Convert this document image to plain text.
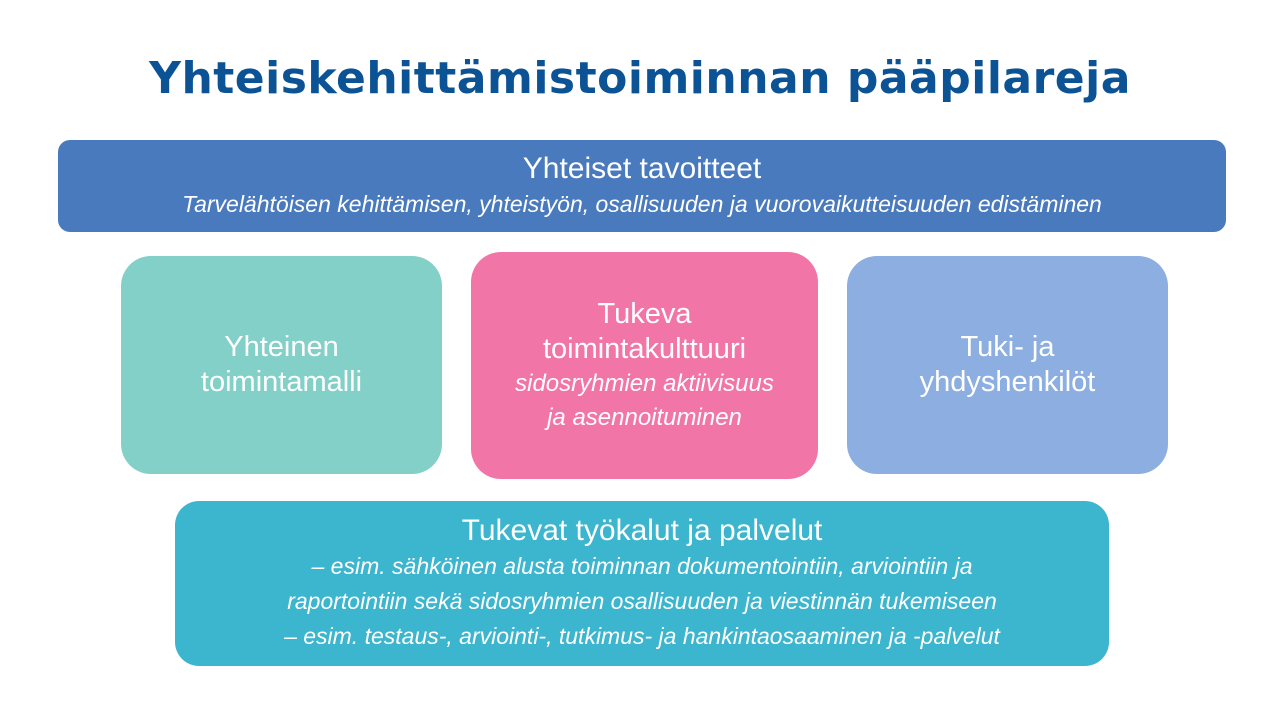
Yhteiskehittämistoiminnan pääpilareja
Yhteiset tavoitteet
Tarvelähtöisen kehittämisen, yhteistyön, osallisuuden ja vuorovaikutteisuuden edistäminen
Yhteinen
toimintamalli
Tukeva
toimintakulttuuri
sidosryhmien aktiivisuus
ja asennoituminen
Tuki- ja
yhdyshenkilöt
Tukevat työkalut ja palvelut
– esim. sähköinen alusta toiminnan dokumentointiin, arviointiin ja
raportointiin sekä sidosryhmien osallisuuden ja viestinnän tukemiseen
– esim. testaus-, arviointi-, tutkimus- ja hankintaosaaminen ja -palvelut
